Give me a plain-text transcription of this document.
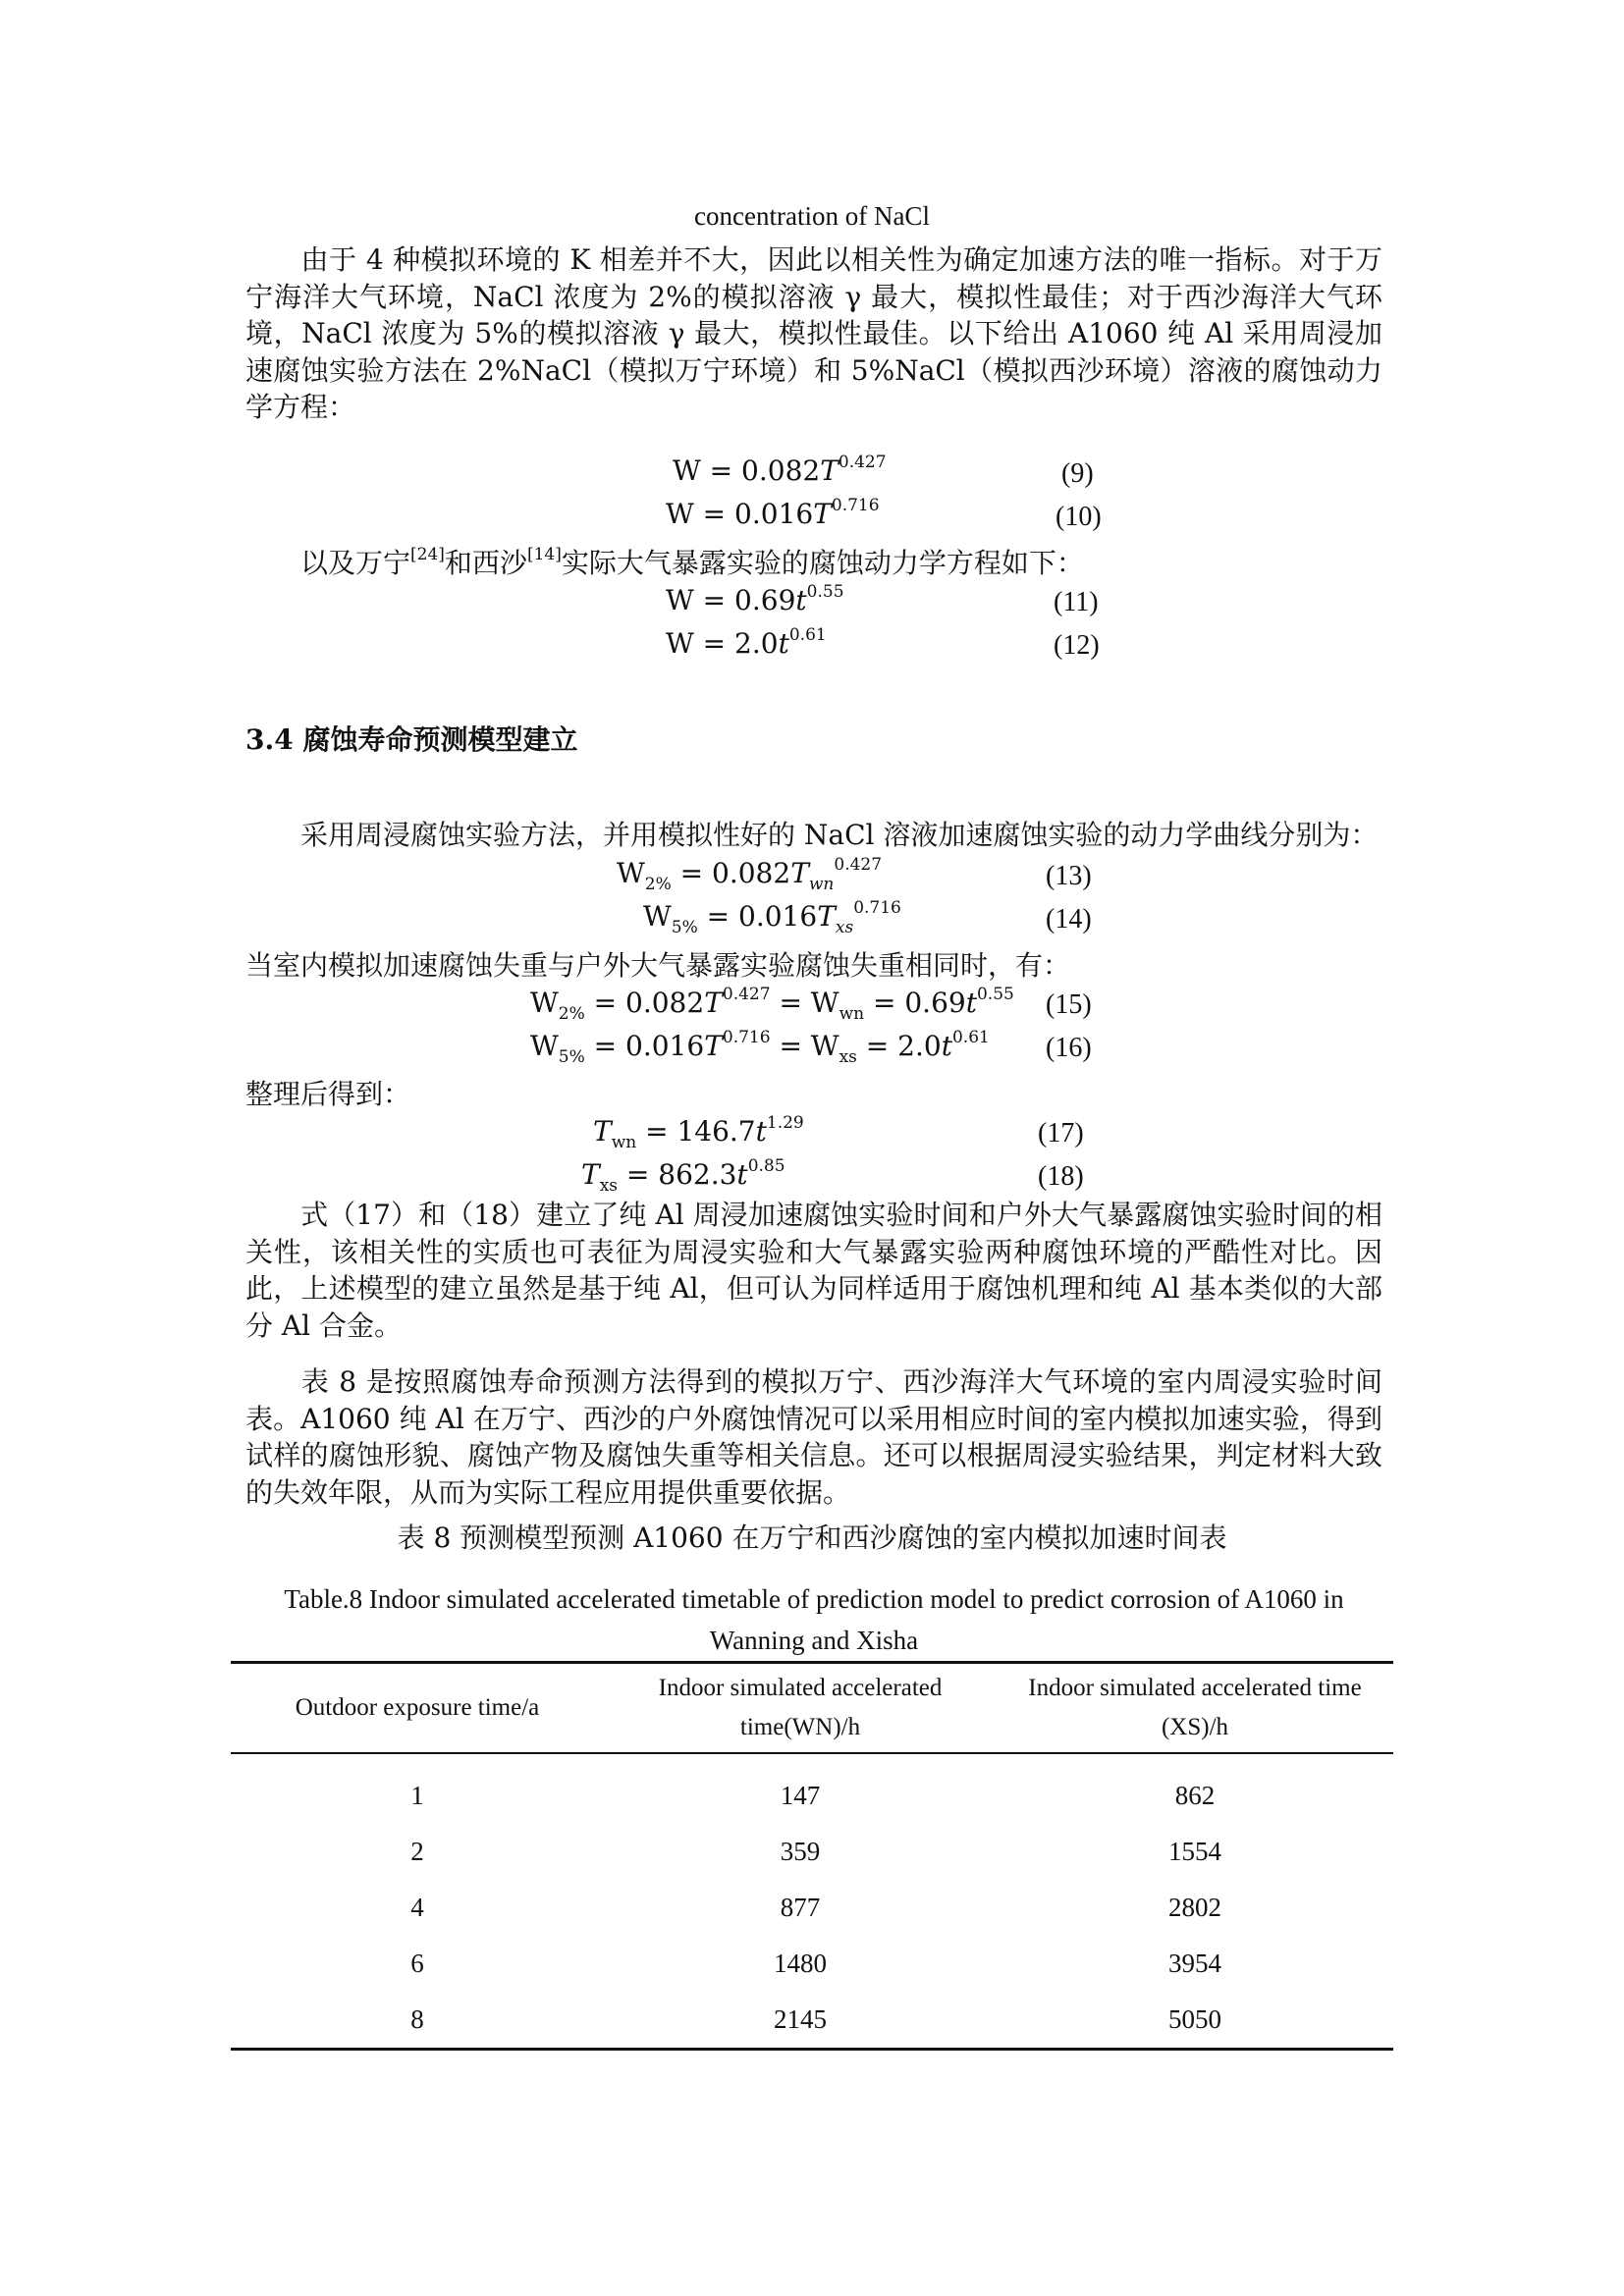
concentration of NaCl
由于 4 种模拟环境的 K 相差并不大，因此以相关性为确定加速方法的唯一指标。对于万宁海洋大气环境，NaCl 浓度为 2%的模拟溶液 γ 最大，模拟性最佳；对于西沙海洋大气环境，NaCl 浓度为 5%的模拟溶液 γ 最大，模拟性最佳。以下给出 A1060 纯 Al 采用周浸加速腐蚀实验方法在 2%NaCl（模拟万宁环境）和 5%NaCl（模拟西沙环境）溶液的腐蚀动力学方程：
$W = 0.082T^{0.427}$	(9)
$W = 0.016T^{0.716}$	(10)
以及万宁[24]和西沙[14]实际大气暴露实验的腐蚀动力学方程如下：
$W = 0.69t^{0.55}$	(11)
$W = 2.0t^{0.61}$	(12)
3.4 腐蚀寿命预测模型建立
采用周浸腐蚀实验方法，并用模拟性好的 NaCl 溶液加速腐蚀实验的动力学曲线分别为：
$W_{2\%} = 0.082T_{wn}^{0.427}$	(13)
$W_{5\%} = 0.016T_{xs}^{0.716}$	(14)
当室内模拟加速腐蚀失重与户外大气暴露实验腐蚀失重相同时，有：
$W_{2\%} = 0.082T^{0.427} = W_{wn} = 0.69t^{0.55}$ (15)
$W_{5\%} = 0.016T^{0.716} = W_{xs} = 2.0t^{0.61}$ (16)
整理后得到：
$T_{wn} = 146.7t^{1.29}$	(17)
$T_{xs} = 862.3t^{0.85}$	(18)
式（17）和（18）建立了纯 Al 周浸加速腐蚀实验时间和户外大气暴露腐蚀实验时间的相关性，该相关性的实质也可表征为周浸实验和大气暴露实验两种腐蚀环境的严酷性对比。因此，上述模型的建立虽然是基于纯 Al，但可认为同样适用于腐蚀机理和纯 Al 基本类似的大部分 Al 合金。
表 8 是按照腐蚀寿命预测方法得到的模拟万宁、西沙海洋大气环境的室内周浸实验时间表。A1060 纯 Al 在万宁、西沙的户外腐蚀情况可以采用相应时间的室内模拟加速实验，得到试样的腐蚀形貌、腐蚀产物及腐蚀失重等相关信息。还可以根据周浸实验结果，判定材料大致的失效年限，从而为实际工程应用提供重要依据。
表 8 预测模型预测 A1060 在万宁和西沙腐蚀的室内模拟加速时间表
Table.8 Indoor simulated accelerated timetable of prediction model to predict corrosion of A1060 in Wanning and Xisha
Outdoor exposure time/a	Indoor simulated accelerated time(WN)/h	Indoor simulated accelerated time (XS)/h

1	147	862
2	359	1554
4	877	2802
6	1480	3954
8	2145	5050
